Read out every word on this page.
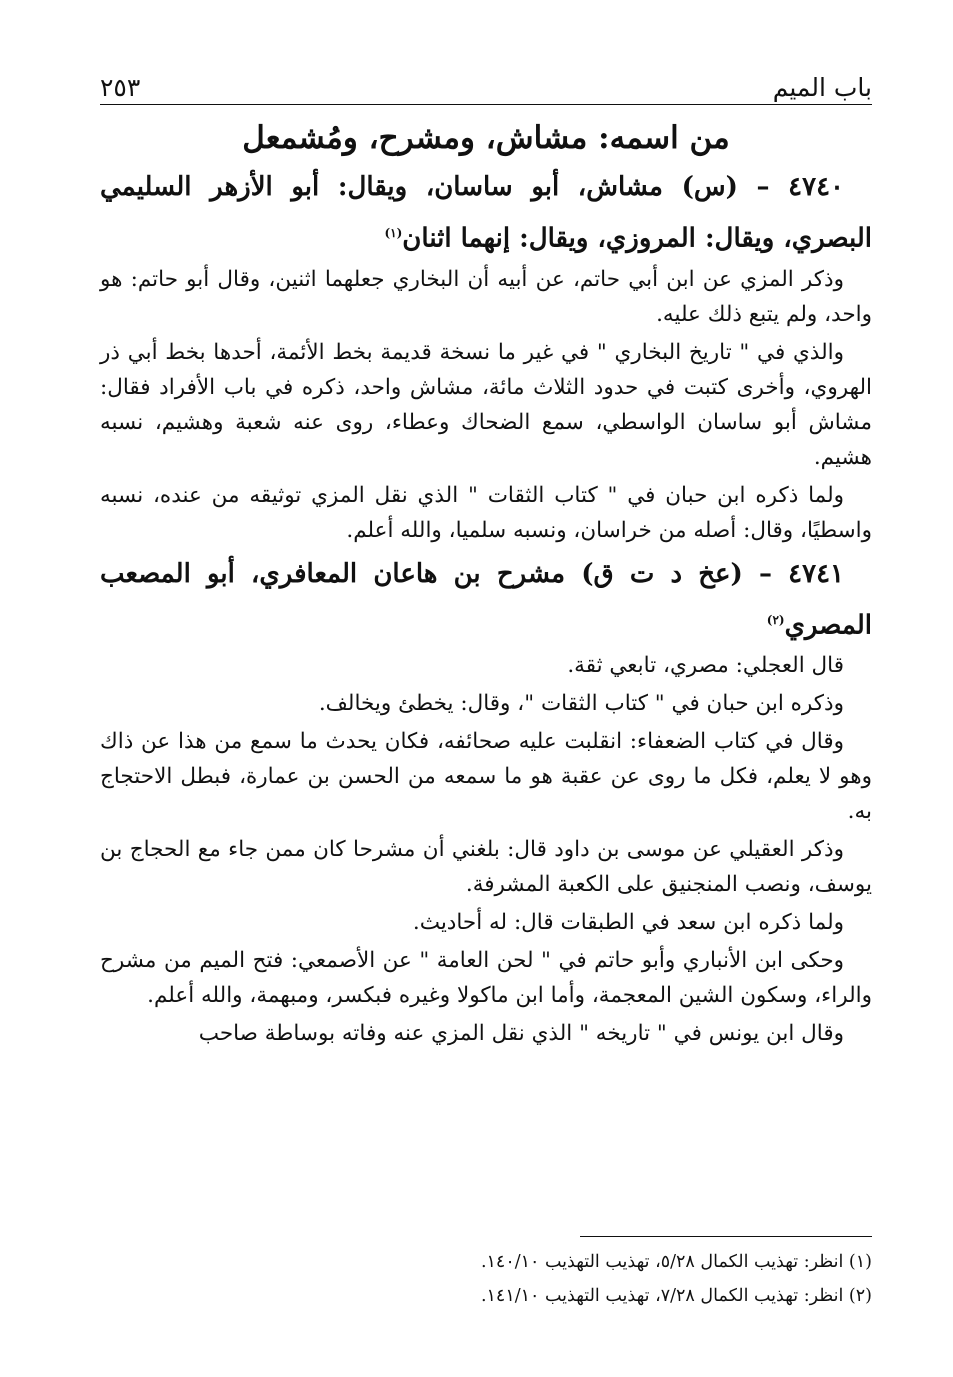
باب الميم
٢٥٣
من اسمه: مشاش، ومشرح، ومُشمعل

٤٧٤٠ – (س) مشاش، أبو ساسان، ويقال: أبو الأزهر السليمي البصري، ويقال: المروزي، ويقال: إنهما اثنان$^{(١)}$

وذكر المزي عن ابن أبي حاتم، عن أبيه أن البخاري جعلهما اثنين، وقال أبو حاتم: هو واحد، ولم يتبع ذلك عليه.

والذي في " تاريخ البخاري " في غير ما نسخة قديمة بخط الأئمة، أحدها بخط أبي ذر الهروي، وأخرى كتبت في حدود الثلاث مائة، مشاش واحد، ذكره في باب الأفراد فقال: مشاش أبو ساسان الواسطي، سمع الضحاك وعطاء، روى عنه شعبة وهشيم، نسبه هشيم.

ولما ذكره ابن حبان في " كتاب الثقات " الذي نقل المزي توثيقه من عنده، نسبه واسطيًا، وقال: أصله من خراسان، ونسبه سلميا، والله أعلم.

٤٧٤١ – (عخ د ت ق) مشرح بن هاعان المعافري، أبو المصعب المصري$^{(٢)}$

قال العجلي: مصري، تابعي ثقة.

وذكره ابن حبان في " كتاب الثقات "، وقال: يخطئ ويخالف.

وقال في كتاب الضعفاء: انقلبت عليه صحائفه، فكان يحدث ما سمع من هذا عن ذاك وهو لا يعلم، فكل ما روى عن عقبة هو ما سمعه من الحسن بن عمارة، فبطل الاحتجاج به.

وذكر العقيلي عن موسى بن داود قال: بلغني أن مشرحا كان ممن جاء مع الحجاج بن يوسف، ونصب المنجنيق على الكعبة المشرفة.

ولما ذكره ابن سعد في الطبقات قال: له أحاديث.

وحكى ابن الأنباري وأبو حاتم في " لحن العامة " عن الأصمعي: فتح الميم من مشرح والراء، وسكون الشين المعجمة، وأما ابن ماكولا وغيره فبكسر، ومبهمة، والله أعلم.

وقال ابن يونس في " تاريخه " الذي نقل المزي عنه وفاته بوساطة صاحب

(١) انظر: تهذيب الكمال ٥/٢٨، تهذيب التهذيب ١٤٠/١٠.
(٢) انظر: تهذيب الكمال ٧/٢٨، تهذيب التهذيب ١٤١/١٠.
